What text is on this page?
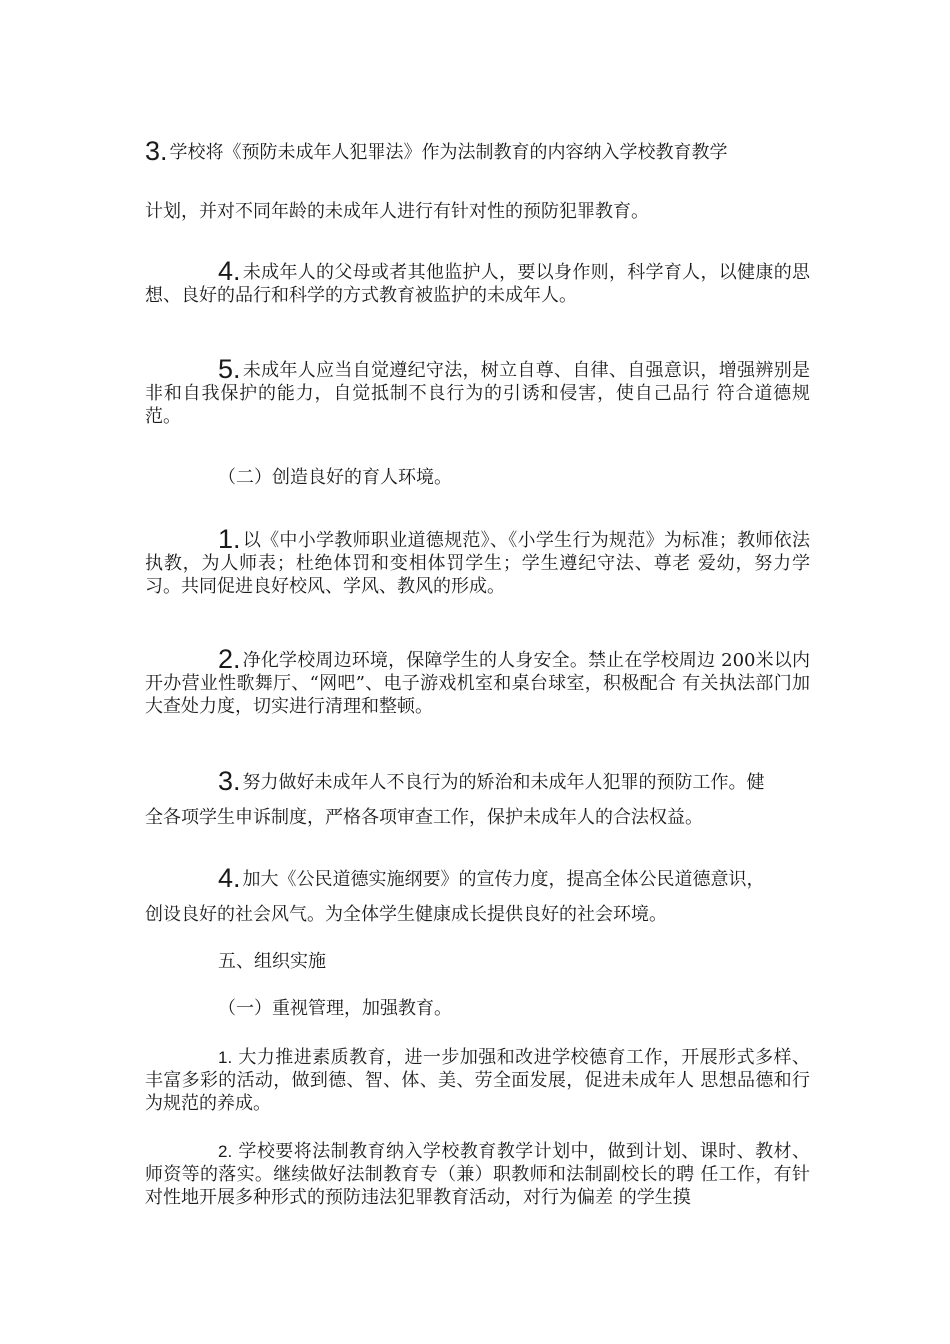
3. 学校将《预防未成年人犯罪法》作为法制教育的内容纳入学校教育教学

计划，并对不同年龄的未成年人进行有针对性的预防犯罪教育。

4. 未成年人的父母或者其他监护人，要以身作则，科学育人，以健康的思想、良好的品行和科学的方式教育被监护的未成年人。

5. 未成年人应当自觉遵纪守法，树立自尊、自律、自强意识，增强辨别是非和自我保护的能力，自觉抵制不良行为的引诱和侵害，使自己品行 符合道德规范。

（二）创造良好的育人环境。

1. 以《中小学教师职业道德规范》、《小学生行为规范》为标准；教师依法执教，为人师表；杜绝体罚和变相体罚学生；学生遵纪守法、尊老 爱幼，努力学习。共同促进良好校风、学风、教风的形成。

2. 净化学校周边环境，保障学生的人身安全。禁止在学校周边 200米以内开办营业性歌舞厅、“网吧”、电子游戏机室和桌台球室，积极配合 有关执法部门加大查处力度，切实进行清理和整顿。

3. 努力做好未成年人不良行为的矫治和未成年人犯罪的预防工作。健

全各项学生申诉制度，严格各项审查工作，保护未成年人的合法权益。

4. 加大《公民道德实施纲要》的宣传力度，提高全体公民道德意识，

创设良好的社会风气。为全体学生健康成长提供良好的社会环境。

五、组织实施

（一）重视管理，加强教育。

1. 大力推进素质教育，进一步加强和改进学校德育工作，开展形式多样、丰富多彩的活动，做到德、智、体、美、劳全面发展，促进未成年人 思想品德和行为规范的养成。

2. 学校要将法制教育纳入学校教育教学计划中，做到计划、课时、教材、师资等的落实。继续做好法制教育专（兼）职教师和法制副校长的聘 任工作，有针对性地开展多种形式的预防违法犯罪教育活动，对行为偏差 的学生摸
